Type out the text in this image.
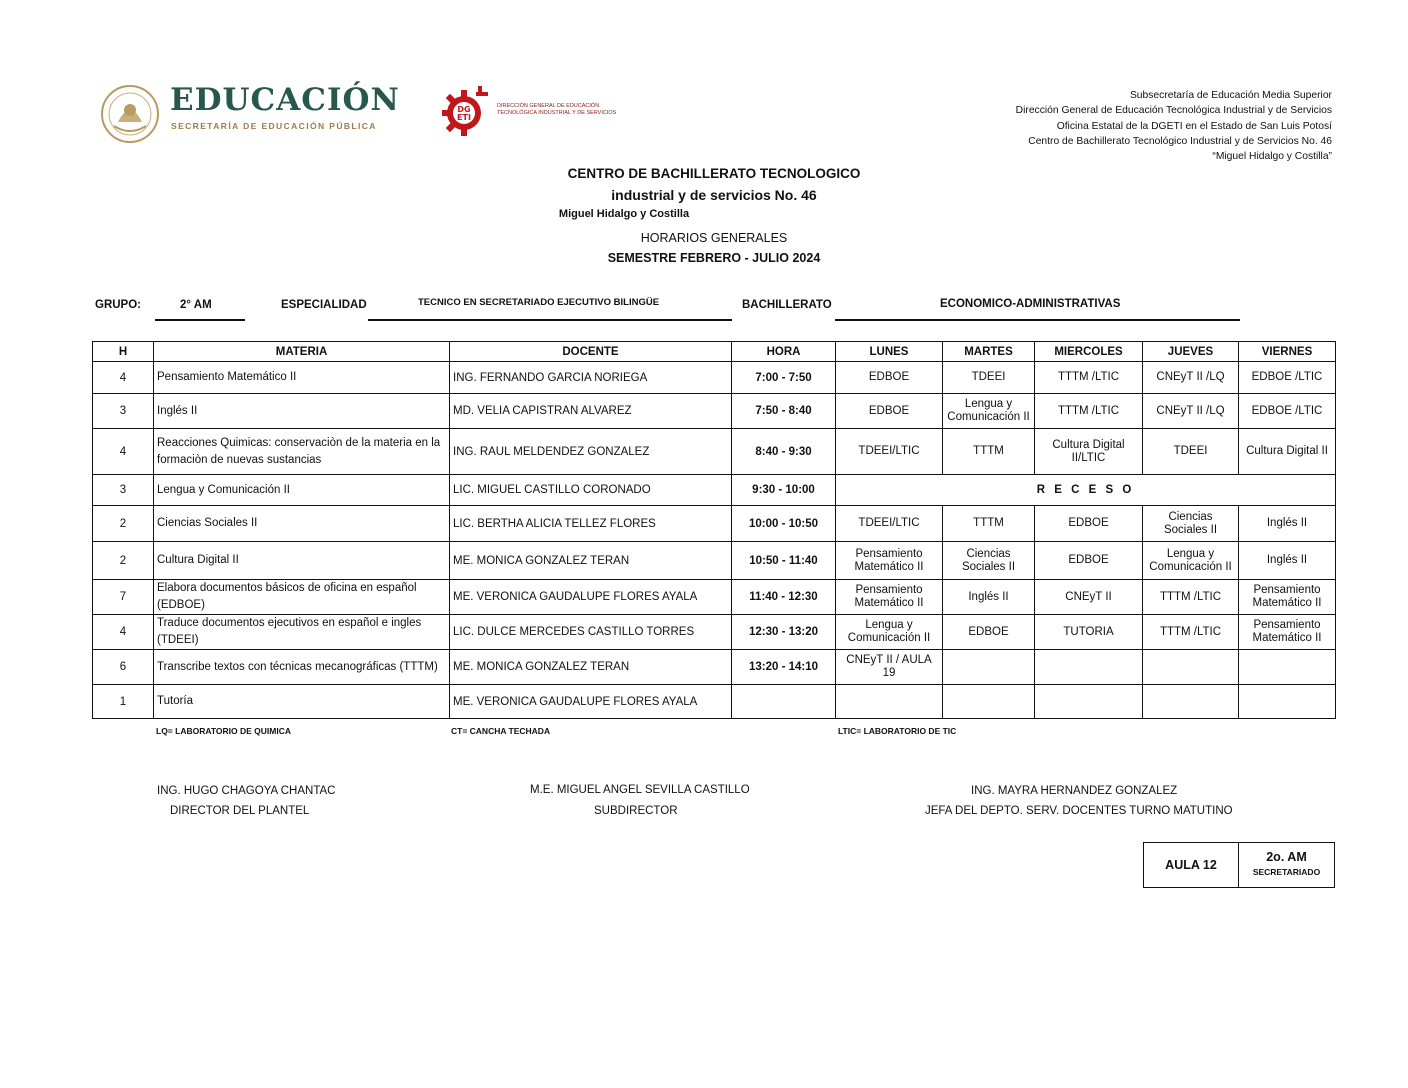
EDUCACIÓN
SECRETARÍA DE EDUCACIÓN PÚBLICA
DG
ETI
DIRECCIÓN GENERAL DE EDUCACIÓN
TECNOLÓGICA INDUSTRIAL Y DE SERVICIOS
Subsecretaría de Educación Media Superior
Dirección General de Educación Tecnológica Industrial y de Servicios
Oficina Estatal de la DGETI en el Estado de San Luis Potosí
Centro de Bachillerato Tecnológico Industrial y de Servicios No. 46
“Miguel Hidalgo y Costilla”
CENTRO DE BACHILLERATO TECNOLOGICO
industrial y de servicios No. 46
Miguel Hidalgo y Costilla
HORARIOS GENERALES
SEMESTRE FEBRERO - JULIO 2024
GRUPO:	2° AM	ESPECIALIDAD	TECNICO EN SECRETARIADO EJECUTIVO BILINGÜE	BACHILLERATO	ECONOMICO-ADMINISTRATIVAS
H	MATERIA	DOCENTE	HORA	LUNES	MARTES	MIERCOLES	JUEVES	VIERNES
4	Pensamiento Matemático II	ING. FERNANDO GARCIA NORIEGA	7:00 - 7:50	EDBOE	TDEEI	TTTM /LTIC	CNEyT II /LQ	EDBOE /LTIC
3	Inglés II	MD. VELIA CAPISTRAN ALVAREZ	7:50 - 8:40	EDBOE	Lengua y Comunicación II	TTTM /LTIC	CNEyT II /LQ	EDBOE /LTIC
4	Reacciones Quimicas: conservaciòn de la materia en la formaciòn de nuevas sustancias	ING. RAUL MELDENDEZ GONZALEZ	8:40 - 9:30	TDEEI/LTIC	TTTM	Cultura Digital II/LTIC	TDEEI	Cultura Digital II
3	Lengua y Comunicación II	LIC. MIGUEL CASTILLO CORONADO	9:30 - 10:00	R E C E S O				
2	Ciencias Sociales II	LIC. BERTHA ALICIA TELLEZ FLORES	10:00 - 10:50	TDEEI/LTIC	TTTM	EDBOE	Ciencias Sociales II	Inglés II
2	Cultura Digital II	ME. MONICA GONZALEZ TERAN	10:50 - 11:40	Pensamiento Matemático II	Ciencias Sociales II	EDBOE	Lengua y Comunicación II	Inglés II
7	Elabora documentos básicos de oficina en español (EDBOE)	ME. VERONICA GAUDALUPE FLORES AYALA	11:40 - 12:30	Pensamiento Matemático II	Inglés II	CNEyT II	TTTM /LTIC	Pensamiento Matemático II
4	Traduce documentos ejecutivos en español e ingles (TDEEI)	LIC. DULCE MERCEDES CASTILLO TORRES	12:30 - 13:20	Lengua y Comunicación II	EDBOE	TUTORIA	TTTM /LTIC	Pensamiento Matemático II
6	Transcribe textos con técnicas mecanográficas (TTTM)	ME. MONICA GONZALEZ TERAN	13:20 - 14:10	CNEyT II / AULA 19				
1	Tutoría	ME. VERONICA GAUDALUPE FLORES AYALA						
LQ= LABORATORIO DE QUIMICA	CT= CANCHA TECHADA	LTIC= LABORATORIO DE TIC
ING. HUGO CHAGOYA CHANTAC
DIRECTOR DEL PLANTEL
M.E. MIGUEL ANGEL SEVILLA CASTILLO
SUBDIRECTOR
ING. MAYRA HERNANDEZ GONZALEZ
JEFA DEL DEPTO. SERV. DOCENTES TURNO MATUTINO
AULA 12	
2o. AM
SECRETARIADO
